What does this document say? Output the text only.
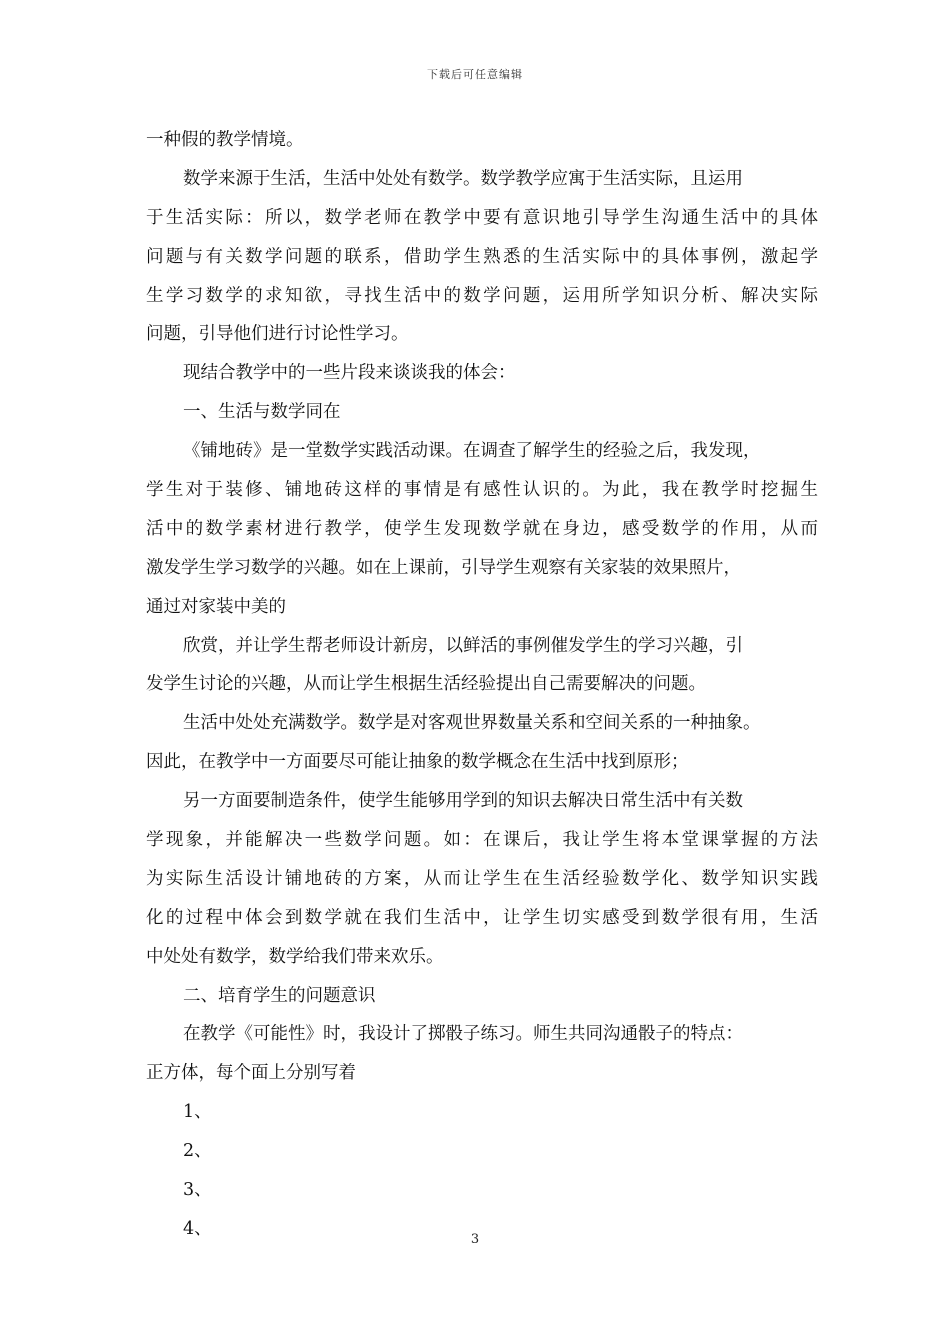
下载后可任意编辑
一种假的教学情境。
数学来源于生活，生活中处处有数学。数学教学应寓于生活实际，且运用
于生活实际：所以，数学老师在教学中要有意识地引导学生沟通生活中的具体
问题与有关数学问题的联系，借助学生熟悉的生活实际中的具体事例，激起学
生学习数学的求知欲，寻找生活中的数学问题，运用所学知识分析、解决实际
问题，引导他们进行讨论性学习。
现结合教学中的一些片段来谈谈我的体会：
一、生活与数学同在
《铺地砖》是一堂数学实践活动课。在调查了解学生的经验之后，我发现，
学生对于装修、铺地砖这样的事情是有感性认识的。为此，我在教学时挖掘生
活中的数学素材进行教学，使学生发现数学就在身边，感受数学的作用，从而
激发学生学习数学的兴趣。如在上课前，引导学生观察有关家装的效果照片，
通过对家装中美的
欣赏，并让学生帮老师设计新房，以鲜活的事例催发学生的学习兴趣，引
发学生讨论的兴趣，从而让学生根据生活经验提出自己需要解决的问题。
生活中处处充满数学。数学是对客观世界数量关系和空间关系的一种抽象。
因此，在教学中一方面要尽可能让抽象的数学概念在生活中找到原形；
另一方面要制造条件，使学生能够用学到的知识去解决日常生活中有关数
学现象，并能解决一些数学问题。如：在课后，我让学生将本堂课掌握的方法
为实际生活设计铺地砖的方案，从而让学生在生活经验数学化、数学知识实践
化的过程中体会到数学就在我们生活中，让学生切实感受到数学很有用，生活
中处处有数学，数学给我们带来欢乐。
二、培育学生的问题意识
在教学《可能性》时，我设计了掷骰子练习。师生共同沟通骰子的特点：
正方体，每个面上分别写着
1、
2、
3、
4、
3
